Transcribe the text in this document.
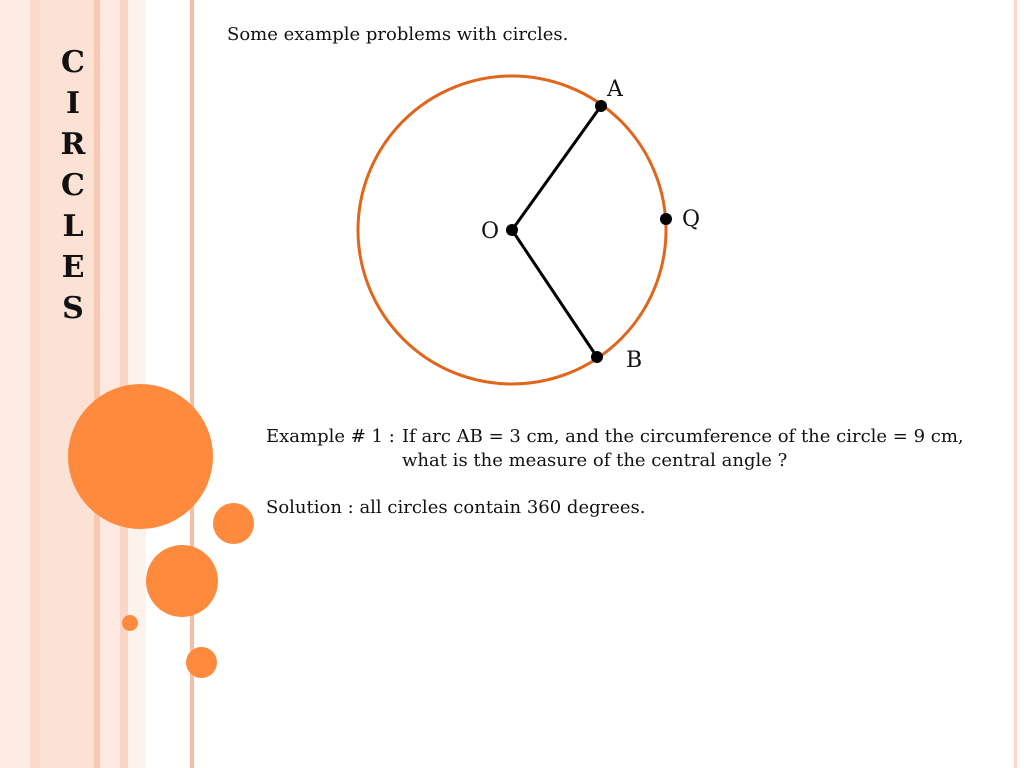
C
I
R
C
L
E
S

Some example problems with circles.

O
A
Q
B
Example # 1 : If arc AB = 3 cm, and the circumference of the circle = 9 cm,
what is the measure of the central angle ?
Solution : all circles contain 360 degrees.
